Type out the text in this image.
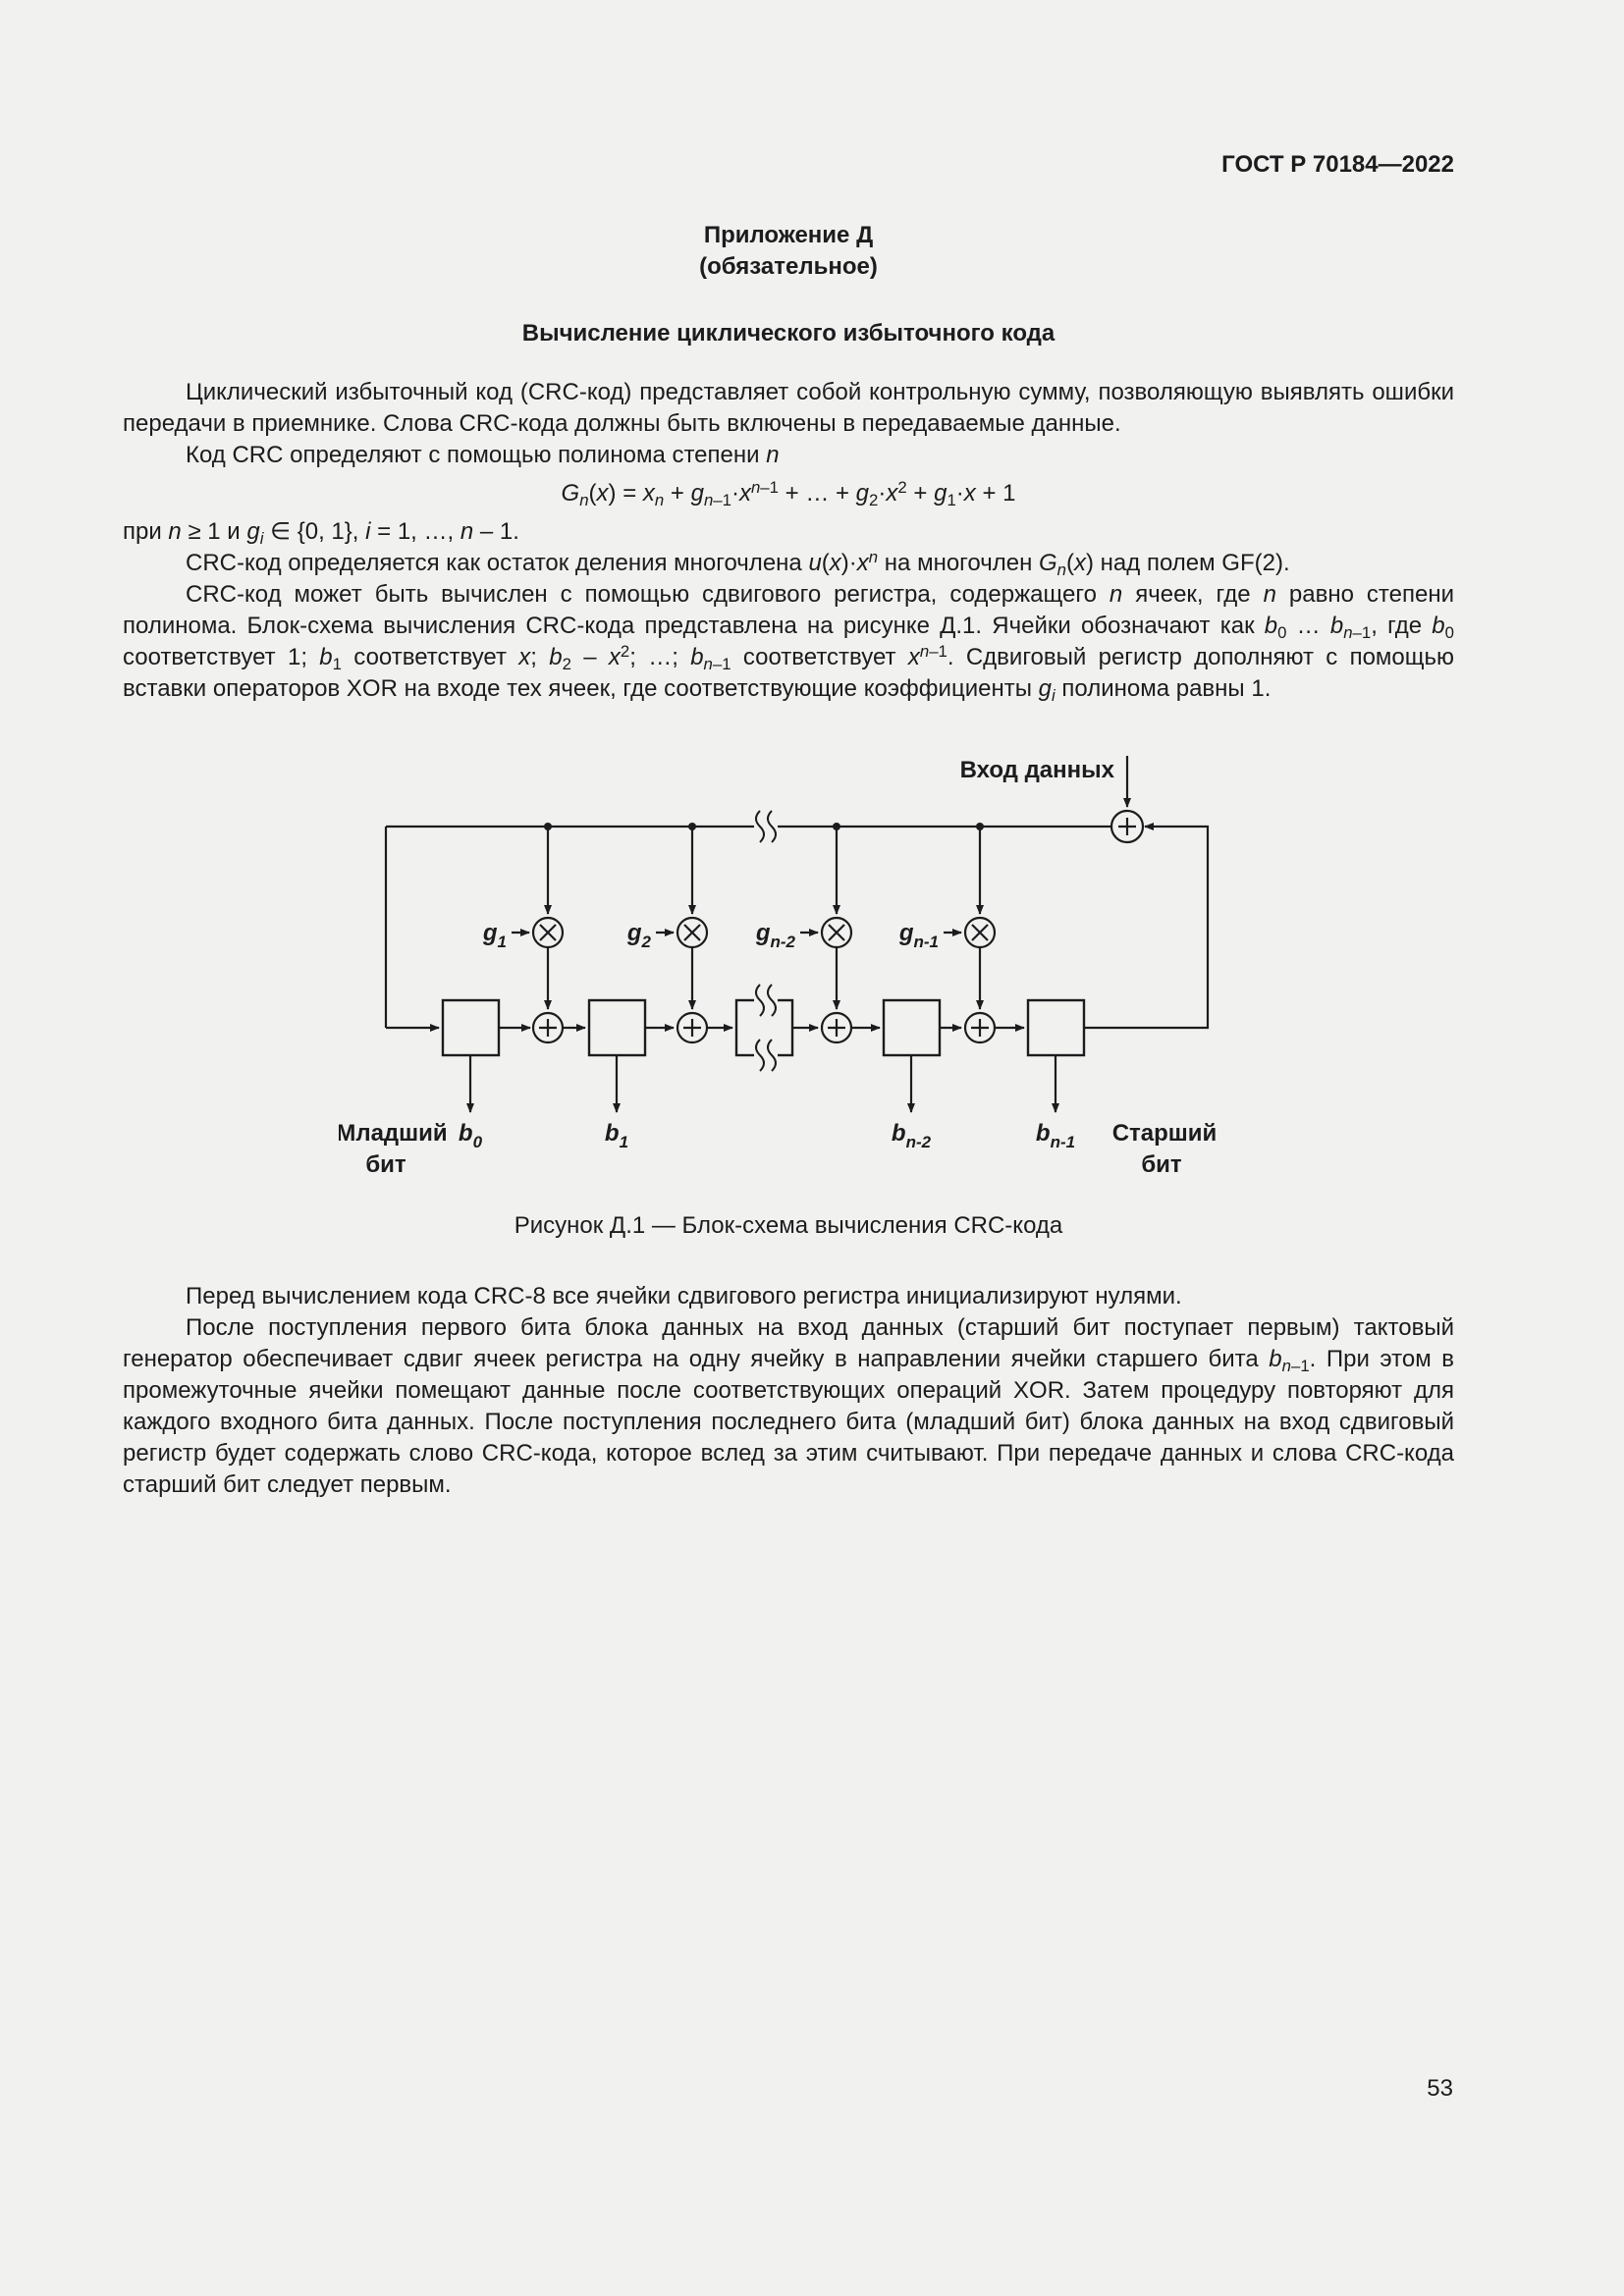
ГОСТ Р 70184—2022
Приложение Д
(обязательное)
Вычисление циклического избыточного кода

Циклический избыточный код (CRC-код) представляет собой контрольную сумму, позволяющую выявлять ошибки передачи в приемнике. Слова CRC-кода должны быть включены в передаваемые данные.

Код CRC определяют с помощью полинома степени n

$G_n(x) = x_n + g_{n-1}\cdot x^{n-1}$ + … + $g_2\cdot x^2 + g_1\cdot x + 1$

при n ≥ 1 и $g_i$ ∈ {0, 1}, i = 1, …, n – 1.

CRC-код определяется как остаток деления многочлена $u(x)\cdot x^n$ на многочлен $G_n(x)$ над полем GF(2).

CRC-код может быть вычислен с помощью сдвигового регистра, содержащего n ячеек, где n равно степени полинома. Блок-схема вычисления CRC-кода представлена на рисунке Д.1. Ячейки обозначают как $b_0$ … $b_{n-1}$, где $b_0$ соответствует 1; $b_1$ соответствует x; $b_2 - x^2$; …; $b_{n-1}$ соответствует $x^{n-1}$. Сдвиговый регистр дополняют с помощью вставки операторов XOR на входе тех ячеек, где соответствующие коэффициенты $g_i$ полинома равны 1.

Вход данных
$g_1$	$g_2$	$g_{n-2}$	$g_{n-1}$
$b_0$	$b_1$	$b_{n-2}$	$b_{n-1}$
Младший
бит
Старший
бит
Рисунок Д.1 — Блок-схема вычисления CRC-кода

Перед вычислением кода CRC-8 все ячейки сдвигового регистра инициализируют нулями.

После поступления первого бита блока данных на вход данных (старший бит поступает первым) тактовый генератор обеспечивает сдвиг ячеек регистра на одну ячейку в направлении ячейки старшего бита $b_{n-1}$. При этом в промежуточные ячейки помещают данные после соответствующих операций XOR. Затем процедуру повторяют для каждого входного бита данных. После поступления последнего бита (младший бит) блока данных на вход сдвиговый регистр будет содержать слово CRC-кода, которое вслед за этим считывают. При передаче данных и слова CRC-кода старший бит следует первым.

53
